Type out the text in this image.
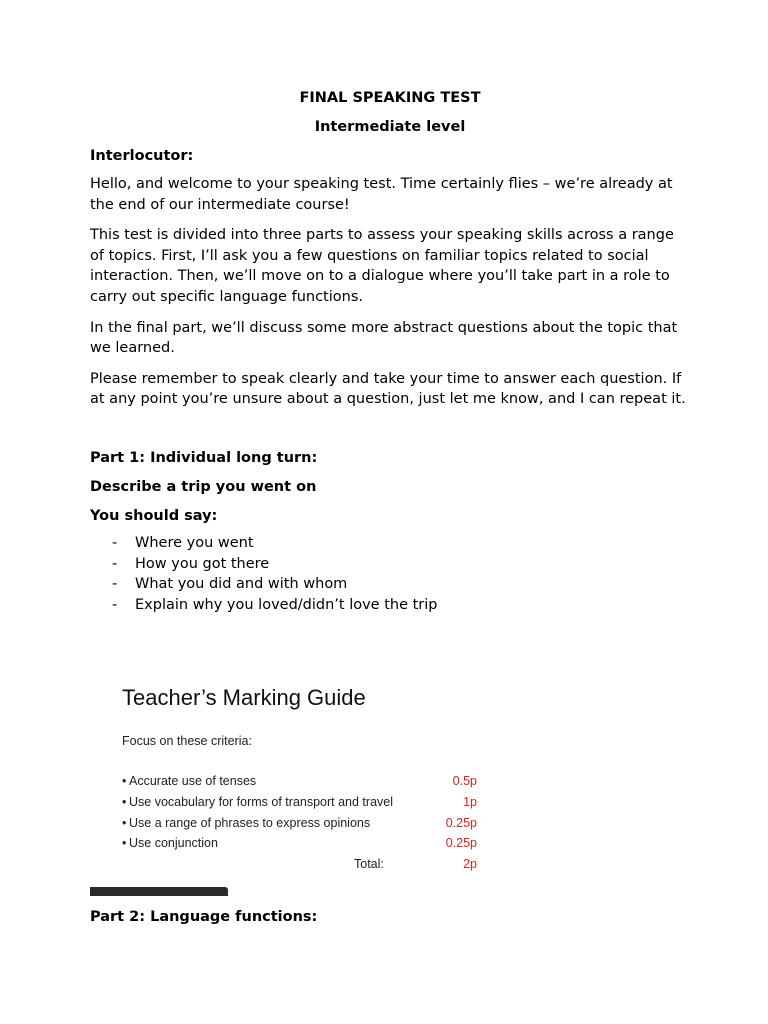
FINAL SPEAKING TEST
Intermediate level
Interlocutor:

Hello, and welcome to your speaking test. Time certainly flies – we’re already at the end of our intermediate course!

This test is divided into three parts to assess your speaking skills across a range of topics. First, I’ll ask you a few questions on familiar topics related to social interaction. Then, we’ll move on to a dialogue where you’ll take part in a role to carry out specific language functions.

In the final part, we’ll discuss some more abstract questions about the topic that we learned.

Please remember to speak clearly and take your time to answer each question. If at any point you’re unsure about a question, just let me know, and I can repeat it.

Part 1: Individual long turn:
Describe a trip you went on
You should say:
- Where you went
- How you got there
- What you did and with whom
- Explain why you loved/didn’t love the trip
Teacher’s Marking Guide
Focus on these criteria:
• Accurate use of tenses	0.5p
• Use vocabulary for forms of transport and travel	1p
• Use a range of phrases to express opinions	0.25p
• Use conjunction	0.25p
Total:	2p
Part 2: Language functions:
